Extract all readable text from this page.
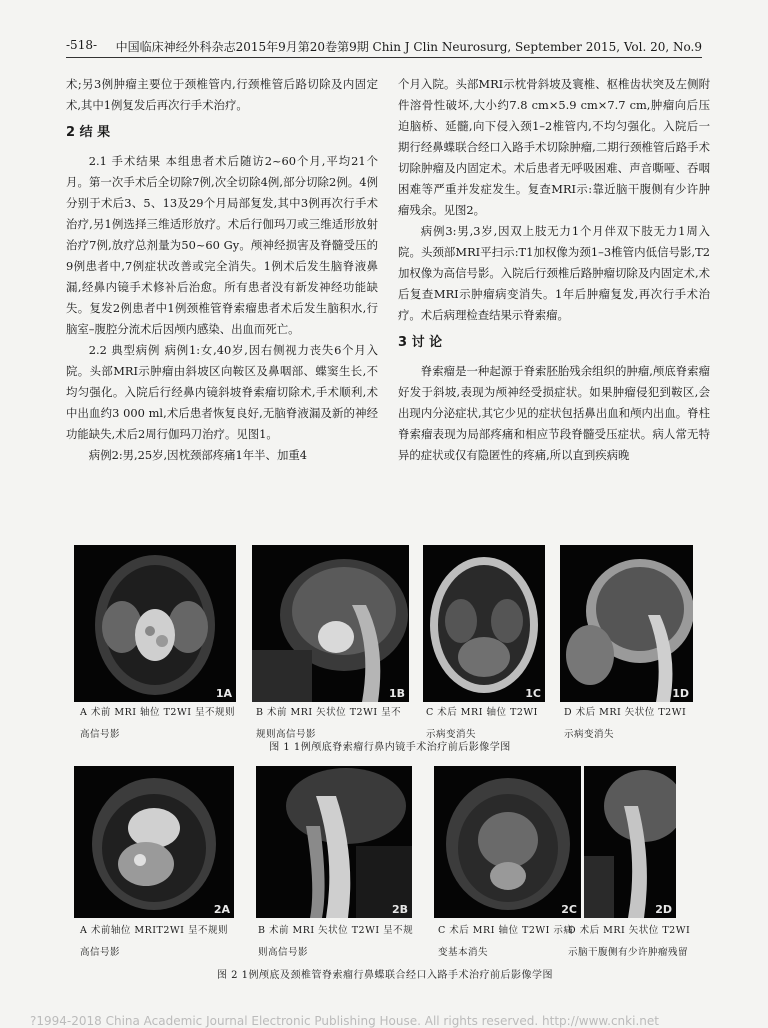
-518- 中国临床神经外科杂志2015年9月第20卷第9期 Chin J Clin Neurosurg, September 2015, Vol. 20, No.9

术;另3例肿瘤主要位于颈椎管内,行颈椎管后路切除及内固定术,其中1例复发后再次行手术治疗。

2 结 果

2.1 手术结果 本组患者术后随访2~60个月,平均21个月。第一次手术后全切除7例,次全切除4例,部分切除2例。4例分别于术后3、5、13及29个月局部复发,其中3例再次行手术治疗,另1例选择三维适形放疗。术后行伽玛刀或三维适形放射治疗7例,放疗总剂量为50~60 Gy。颅神经损害及脊髓受压的9例患者中,7例症状改善或完全消失。1例术后发生脑脊液鼻漏,经鼻内镜手术修补后治愈。所有患者没有新发神经功能缺失。复发2例患者中1例颈椎管脊索瘤患者术后发生脑积水,行脑室–腹腔分流术后因颅内感染、出血而死亡。

2.2 典型病例 病例1:女,40岁,因右侧视力丧失6个月入院。头部MRI示肿瘤由斜坡区向鞍区及鼻咽部、蝶窦生长,不均匀强化。入院后行经鼻内镜斜坡脊索瘤切除术,手术顺利,术中出血约3 000 ml,术后患者恢复良好,无脑脊液漏及新的神经功能缺失,术后2周行伽玛刀治疗。见图1。

病例2:男,25岁,因枕颈部疼痛1年半、加重4

个月入院。头部MRI示枕骨斜坡及寰椎、枢椎齿状突及左侧附件溶骨性破坏,大小约7.8 cm×5.9 cm×7.7 cm,肿瘤向后压迫脑桥、延髓,向下侵入颈1–2椎管内,不均匀强化。入院后一期行经鼻蝶联合经口入路手术切除肿瘤,二期行颈椎管后路手术切除肿瘤及内固定术。术后患者无呼吸困难、声音嘶哑、吞咽困难等严重并发症发生。复查MRI示:靠近脑干腹侧有少许肿瘤残余。见图2。

病例3:男,3岁,因双上肢无力1个月伴双下肢无力1周入院。头颈部MRI平扫示:T1加权像为颈1–3椎管内低信号影,T2加权像为高信号影。入院后行颈椎后路肿瘤切除及内固定术,术后复查MRI示肿瘤病变消失。1年后肿瘤复发,再次行手术治疗。术后病理检查结果示脊索瘤。

3 讨 论

脊索瘤是一种起源于脊索胚胎残余组织的肿瘤,颅底脊索瘤好发于斜坡,表现为颅神经受损症状。如果肿瘤侵犯到鞍区,会出现内分泌症状,其它少见的症状包括鼻出血和颅内出血。脊柱脊索瘤表现为局部疼痛和相应节段脊髓受压症状。病人常无特异的症状或仅有隐匿性的疼痛,所以直到疾病晚

1A	1B	1C	1D
A 术前 MRI 轴位 T2WI 呈不规则高信号影
B 术前 MRI 矢状位 T2WI 呈不规则高信号影
C 术后 MRI 轴位 T2WI 示病变消失
D 术后 MRI 矢状位 T2WI 示病变消失
图 1 1例颅底脊索瘤行鼻内镜手术治疗前后影像学图
2A	2B	2C	2D
A 术前轴位 MRIT2WI 呈不规则高信号影
B 术前 MRI 矢状位 T2WI 呈不规则高信号影
C 术后 MRI 轴位 T2WI 示病变基本消失
D 术后 MRI 矢状位 T2WI 示脑干腹侧有少许肿瘤残留
图 2 1例颅底及颈椎管脊索瘤行鼻蝶联合经口入路手术治疗前后影像学图
?1994-2018 China Academic Journal Electronic Publishing House. All rights reserved. http://www.cnki.net
